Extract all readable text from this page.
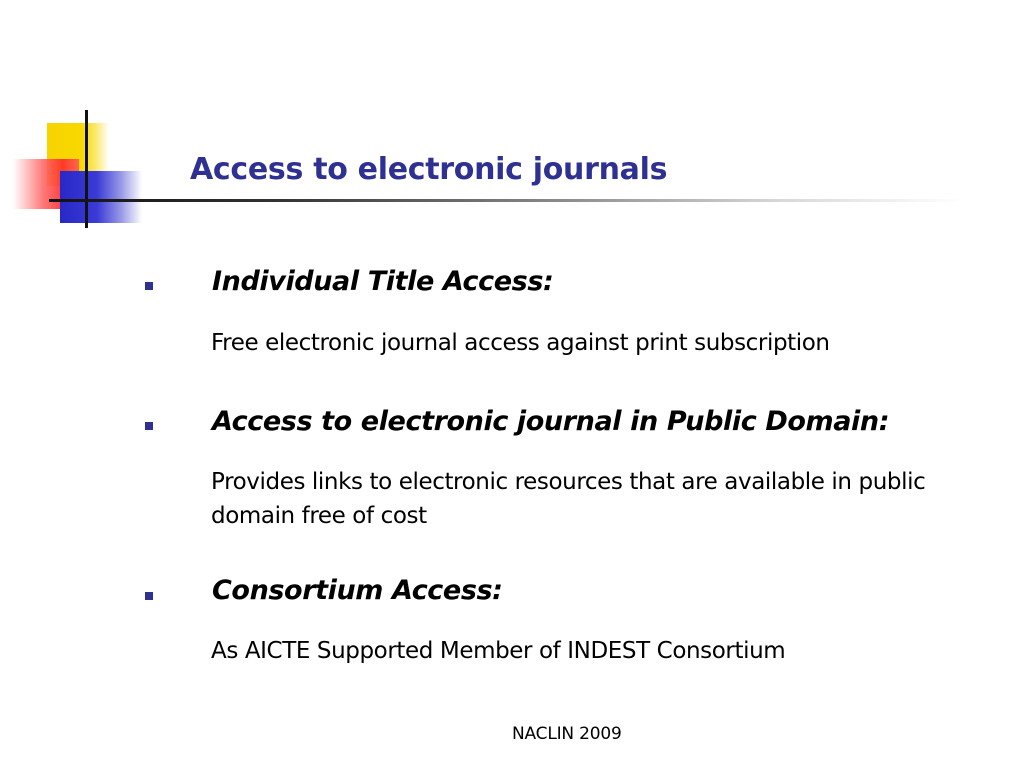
Access to electronic journals

Individual Title Access:

Free electronic journal access against print subscription

Access to electronic journal in Public Domain:

Provides links to electronic resources that are available in public domain free of cost

Consortium Access:

As AICTE Supported Member of INDEST Consortium

NACLIN 2009
